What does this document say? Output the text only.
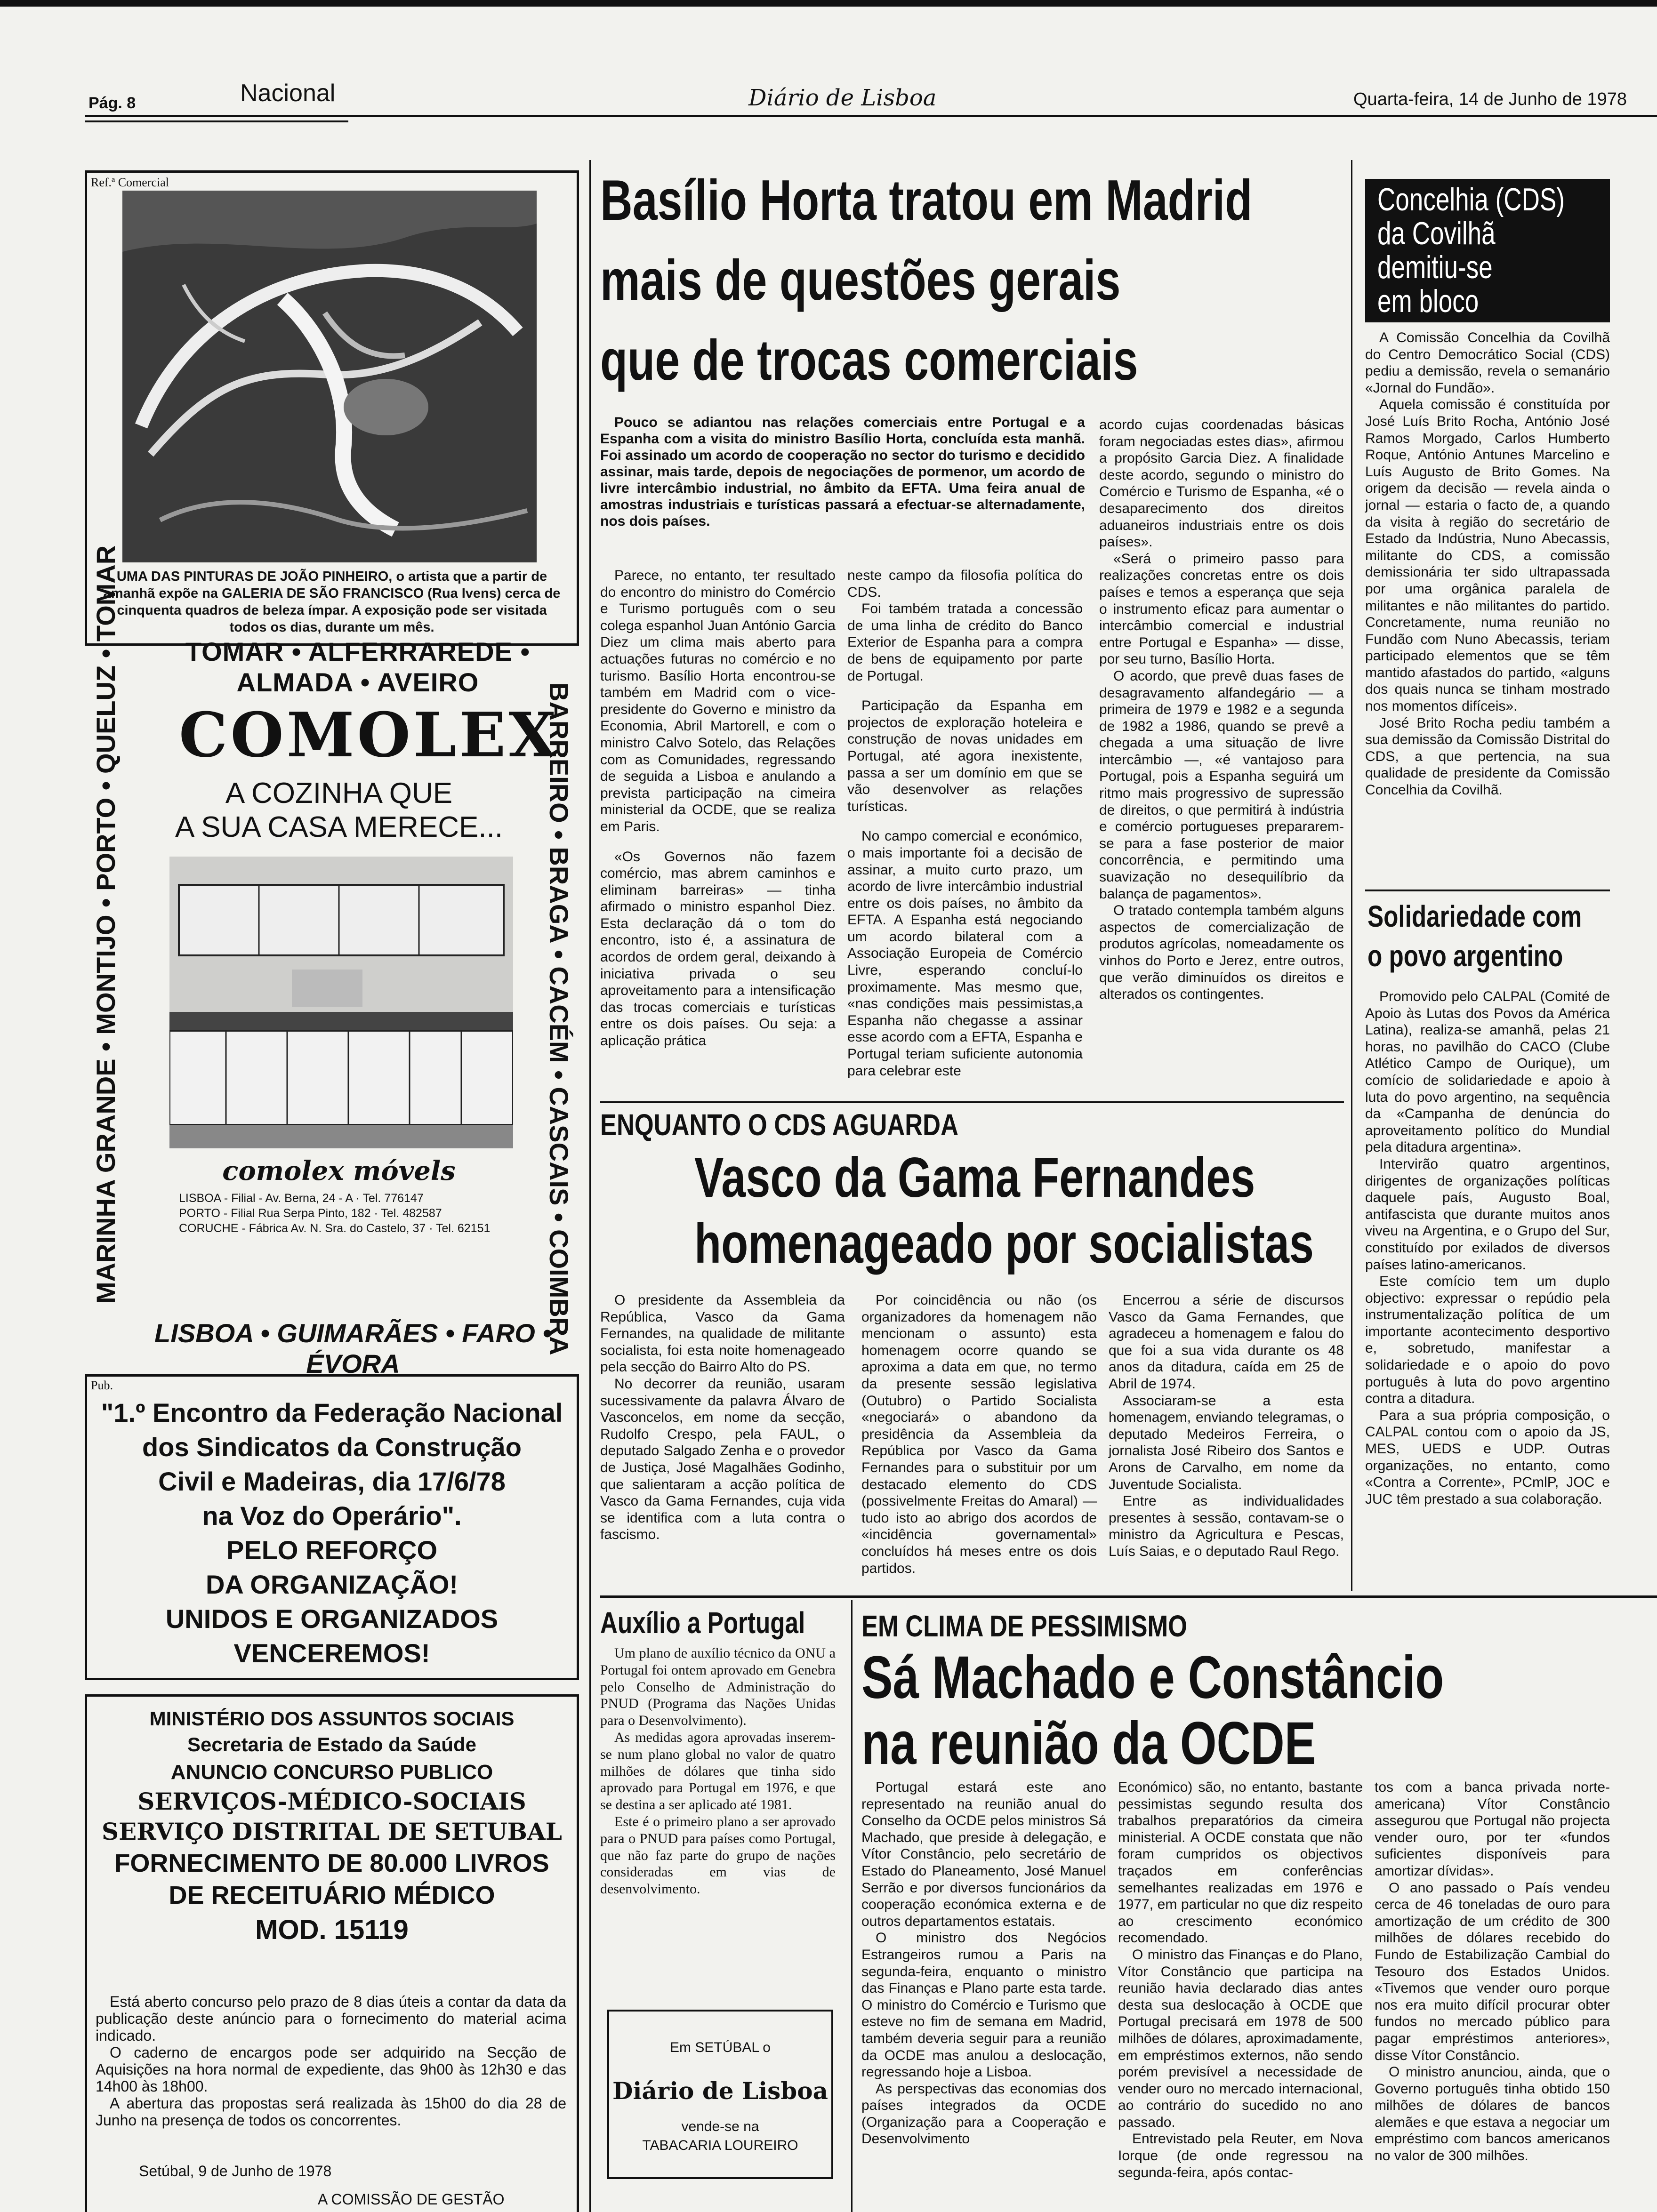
Pág. 8	Nacional	Diário de Lisboa	Quarta-feira, 14 de Junho de 1978
Ref.ª Comercial
UMA DAS PINTURAS DE JOÃO PINHEIRO, o artista que a partir de amanhã expõe na GALERIA DE SÃO FRANCISCO (Rua Ivens) cerca de cinquenta quadros de beleza ímpar. A exposição pode ser visitada todos os dias, durante um mês.
TOMAR • ALFERRAREDE • ALMADA • AVEIRO
MARINHA GRANDE • MONTIJO • PORTO • QUELUZ • TOMAR	BARREIRO • BRAGA • CACÉM • CASCAIS • COIMBRA
LISBOA • GUIMARÃES • FARO • ÉVORA
COMOLEX
A COZINHA QUE
A SUA CASA MERECE...
comolex móvels
LISBOA - Filial - Av. Berna, 24 - A · Tel. 776147
PORTO - Filial Rua Serpa Pinto, 182 · Tel. 482587
CORUCHE - Fábrica Av. N. Sra. do Castelo, 37 · Tel. 62151
Pub.
"1.º Encontro da Federação Nacional
dos Sindicatos da Construção
Civil e Madeiras, dia 17/6/78
na Voz do Operário".
PELO REFORÇO
DA ORGANIZAÇÃO!
UNIDOS E ORGANIZADOS
VENCEREMOS!
MINISTÉRIO DOS ASSUNTOS SOCIAIS
Secretaria de Estado da Saúde
ANUNCIO CONCURSO PUBLICO
SERVIÇOS-MÉDICO-SOCIAIS
SERVIÇO DISTRITAL DE SETUBAL
FORNECIMENTO DE 80.000 LIVROS
DE RECEITUÁRIO MÉDICO
MOD. 15119

Está aberto concurso pelo prazo de 8 dias úteis a contar da data da publicação deste anúncio para o fornecimento do material acima indicado.

O caderno de encargos pode ser adquirido na Secção de Aquisições na hora normal de expediente, das 9h00 às 12h30 e das 14h00 às 18h00.

A abertura das propostas será realizada às 15h00 do dia 28 de Junho na presença de todos os concorrentes.

Setúbal, 9 de Junho de 1978
A COMISSÃO DE GESTÃO
Basílio Horta tratou em Madrid
mais de questões gerais
que de trocas comerciais

Pouco se adiantou nas relações comerciais entre Portugal e a Espanha com a visita do ministro Basílio Horta, concluída esta manhã. Foi assinado um acordo de cooperação no sector do turismo e decidido assinar, mais tarde, depois de negociações de pormenor, um acordo de livre intercâmbio industrial, no âmbito da EFTA. Uma feira anual de amostras industriais e turísticas passará a efectuar-se alternadamente, nos dois países.

Parece, no entanto, ter resultado do encontro do ministro do Comércio e Turismo português com o seu colega espanhol Juan António Garcia Diez um clima mais aberto para actuações futuras no comércio e no turismo. Basílio Horta encontrou-se também em Madrid com o vice-presidente do Governo e ministro da Economia, Abril Martorell, e com o ministro Calvo Sotelo, das Relações com as Comunidades, regressando de seguida a Lisboa e anulando a prevista participação na cimeira ministerial da OCDE, que se realiza em Paris.

«Os Governos não fazem comércio, mas abrem caminhos e eliminam barreiras» — tinha afirmado o ministro espanhol Diez. Esta declaração dá o tom do encontro, isto é, a assinatura de acordos de ordem geral, deixando à iniciativa privada o seu aproveitamento para a intensificação das trocas comerciais e turísticas entre os dois países. Ou seja: a aplicação prática

neste campo da filosofia política do CDS.

Foi também tratada a concessão de uma linha de crédito do Banco Exterior de Espanha para a compra de bens de equipamento por parte de Portugal.

Participação da Espanha em projectos de exploração hoteleira e construção de novas unidades em Portugal, até agora inexistente, passa a ser um domínio em que se vão desenvolver as relações turísticas.

No campo comercial e económico, o mais importante foi a decisão de assinar, a muito curto prazo, um acordo de livre intercâmbio industrial entre os dois países, no âmbito da EFTA. A Espanha está negociando um acordo bilateral com a Associação Europeia de Comércio Livre, esperando concluí-lo proximamente. Mas mesmo que, «nas condições mais pessimistas,a Espanha não chegasse a assinar esse acordo com a EFTA, Espanha e Portugal teriam suficiente autonomia para celebrar este

acordo cujas coordenadas básicas foram negociadas estes dias», afirmou a propósito Garcia Diez. A finalidade deste acordo, segundo o ministro do Comércio e Turismo de Espanha, «é o desaparecimento dos direitos aduaneiros industriais entre os dois países».

«Será o primeiro passo para realizações concretas entre os dois países e temos a esperança que seja o instrumento eficaz para aumentar o intercâmbio comercial e industrial entre Portugal e Espanha» — disse, por seu turno, Basílio Horta.

O acordo, que prevê duas fases de desagravamento alfandegário — a primeira de 1979 e 1982 e a segunda de 1982 a 1986, quando se prevê a chegada a uma situação de livre intercâmbio —, «é vantajoso para Portugal, pois a Espanha seguirá um ritmo mais progressivo de supressão de direitos, o que permitirá à indústria e comércio portugueses prepararem-se para a fase posterior de maior concorrência, e permitindo uma suavização no desequilíbrio da balança de pagamentos».

O tratado contempla também alguns aspectos de comercialização de produtos agrícolas, nomeadamente os vinhos do Porto e Jerez, entre outros, que verão diminuídos os direitos e alterados os contingentes.

Concelhia (CDS)
da Covilhã
demitiu-se
em bloco

A Comissão Concelhia da Covilhã do Centro Democrático Social (CDS) pediu a demissão, revela o semanário «Jornal do Fundão».

Aquela comissão é constituída por José Luís Brito Rocha, António José Ramos Morgado, Carlos Humberto Roque, António Antunes Marcelino e Luís Augusto de Brito Gomes. Na origem da decisão — revela ainda o jornal — estaria o facto de, a quando da visita à região do secretário de Estado da Indústria, Nuno Abecassis, militante do CDS, a comissão demissionária ter sido ultrapassada por uma orgânica paralela de militantes e não militantes do partido. Concretamente, numa reunião no Fundão com Nuno Abecassis, teriam participado elementos que se têm mantido afastados do partido, «alguns dos quais nunca se tinham mostrado nos momentos difíceis».

José Brito Rocha pediu também a sua demissão da Comissão Distrital do CDS, a que pertencia, na sua qualidade de presidente da Comissão Concelhia da Covilhã.

Solidariedade com
o povo argentino

Promovido pelo CALPAL (Comité de Apoio às Lutas dos Povos da América Latina), realiza-se amanhã, pelas 21 horas, no pavilhão do CACO (Clube Atlético Campo de Ourique), um comício de solidariedade e apoio à luta do povo argentino, na sequência da «Campanha de denúncia do aproveitamento político do Mundial pela ditadura argentina».

Intervirão quatro argentinos, dirigentes de organizações políticas daquele país, Augusto Boal, antifascista que durante muitos anos viveu na Argentina, e o Grupo del Sur, constituído por exilados de diversos países latino-americanos.

Este comício tem um duplo objectivo: expressar o repúdio pela instrumentalização política de um importante acontecimento desportivo e, sobretudo, manifestar a solidariedade e o apoio do povo português à luta do povo argentino contra a ditadura.

Para a sua própria composição, o CALPAL contou com o apoio da JS, MES, UEDS e UDP. Outras organizações, no entanto, como «Contra a Corrente», PCmlP, JOC e JUC têm prestado a sua colaboração.

ENQUANTO O CDS AGUARDA
Vasco da Gama Fernandes
homenageado por socialistas

O presidente da Assembleia da República, Vasco da Gama Fernandes, na qualidade de militante socialista, foi esta noite homenageado pela secção do Bairro Alto do PS.

No decorrer da reunião, usaram sucessivamente da palavra Álvaro de Vasconcelos, em nome da secção, Rudolfo Crespo, pela FAUL, o deputado Salgado Zenha e o provedor de Justiça, José Magalhães Godinho, que salientaram a acção política de Vasco da Gama Fernandes, cuja vida se identifica com a luta contra o fascismo.

Por coincidência ou não (os organizadores da homenagem não mencionam o assunto) esta homenagem ocorre quando se aproxima a data em que, no termo da presente sessão legislativa (Outubro) o Partido Socialista «negociará» o abandono da presidência da Assembleia da República por Vasco da Gama Fernandes para o substituir por um destacado elemento do CDS (possivelmente Freitas do Amaral) — tudo isto ao abrigo dos acordos de «incidência governamental» concluídos há meses entre os dois partidos.

Encerrou a série de discursos Vasco da Gama Fernandes, que agradeceu a homenagem e falou do que foi a sua vida durante os 48 anos da ditadura, caída em 25 de Abril de 1974.

Associaram-se a esta homenagem, enviando telegramas, o deputado Medeiros Ferreira, o jornalista José Ribeiro dos Santos e Arons de Carvalho, em nome da Juventude Socialista.

Entre as individualidades presentes à sessão, contavam-se o ministro da Agricultura e Pescas, Luís Saias, e o deputado Raul Rego.

Auxílio a Portugal

Um plano de auxílio técnico da ONU a Portugal foi ontem aprovado em Genebra pelo Conselho de Administração do PNUD (Programa das Nações Unidas para o Desenvolvimento).

As medidas agora aprovadas inserem-se num plano global no valor de quatro milhões de dólares que tinha sido aprovado para Portugal em 1976, e que se destina a ser aplicado até 1981.

Este é o primeiro plano a ser aprovado para o PNUD para países como Portugal, que não faz parte do grupo de nações consideradas em vias de desenvolvimento.

Em SETÚBAL o
Diário de Lisboa
vende-se na
TABACARIA LOUREIRO
EM CLIMA DE PESSIMISMO
Sá Machado e Constâncio
na reunião da OCDE

Portugal estará este ano representado na reunião anual do Conselho da OCDE pelos ministros Sá Machado, que preside à delegação, e Vítor Constâncio, pelo secretário de Estado do Planeamento, José Manuel Serrão e por diversos funcionários da cooperação económica externa e de outros departamentos estatais.

O ministro dos Negócios Estrangeiros rumou a Paris na segunda-feira, enquanto o ministro das Finanças e Plano parte esta tarde. O ministro do Comércio e Turismo que esteve no fim de semana em Madrid, também deveria seguir para a reunião da OCDE mas anulou a deslocação, regressando hoje a Lisboa.

As perspectivas das economias dos países integrados da OCDE (Organização para a Cooperação e Desenvolvimento

Económico) são, no entanto, bastante pessimistas segundo resulta dos trabalhos preparatórios da cimeira ministerial. A OCDE constata que não foram cumpridos os objectivos traçados em conferências semelhantes realizadas em 1976 e 1977, em particular no que diz respeito ao crescimento económico recomendado.

O ministro das Finanças e do Plano, Vítor Constâncio que participa na reunião havia declarado dias antes desta sua deslocação à OCDE que Portugal precisará em 1978 de 500 milhões de dólares, aproximadamente, em empréstimos externos, não sendo porém previsível a necessidade de vender ouro no mercado internacional, ao contrário do sucedido no ano passado.

Entrevistado pela Reuter, em Nova Iorque (de onde regressou na segunda-feira, após contac-

tos com a banca privada norte-americana) Vítor Constâncio assegurou que Portugal não projecta vender ouro, por ter «fundos suficientes disponíveis para amortizar dívidas».

O ano passado o País vendeu cerca de 46 toneladas de ouro para amortização de um crédito de 300 milhões de dólares recebido do Fundo de Estabilização Cambial do Tesouro dos Estados Unidos. «Tivemos que vender ouro porque nos era muito difícil procurar obter fundos no mercado público para pagar empréstimos anteriores», disse Vítor Constâncio.

O ministro anunciou, ainda, que o Governo português tinha obtido 150 milhões de dólares de bancos alemães e que estava a negociar um empréstimo com bancos americanos no valor de 300 milhões.
